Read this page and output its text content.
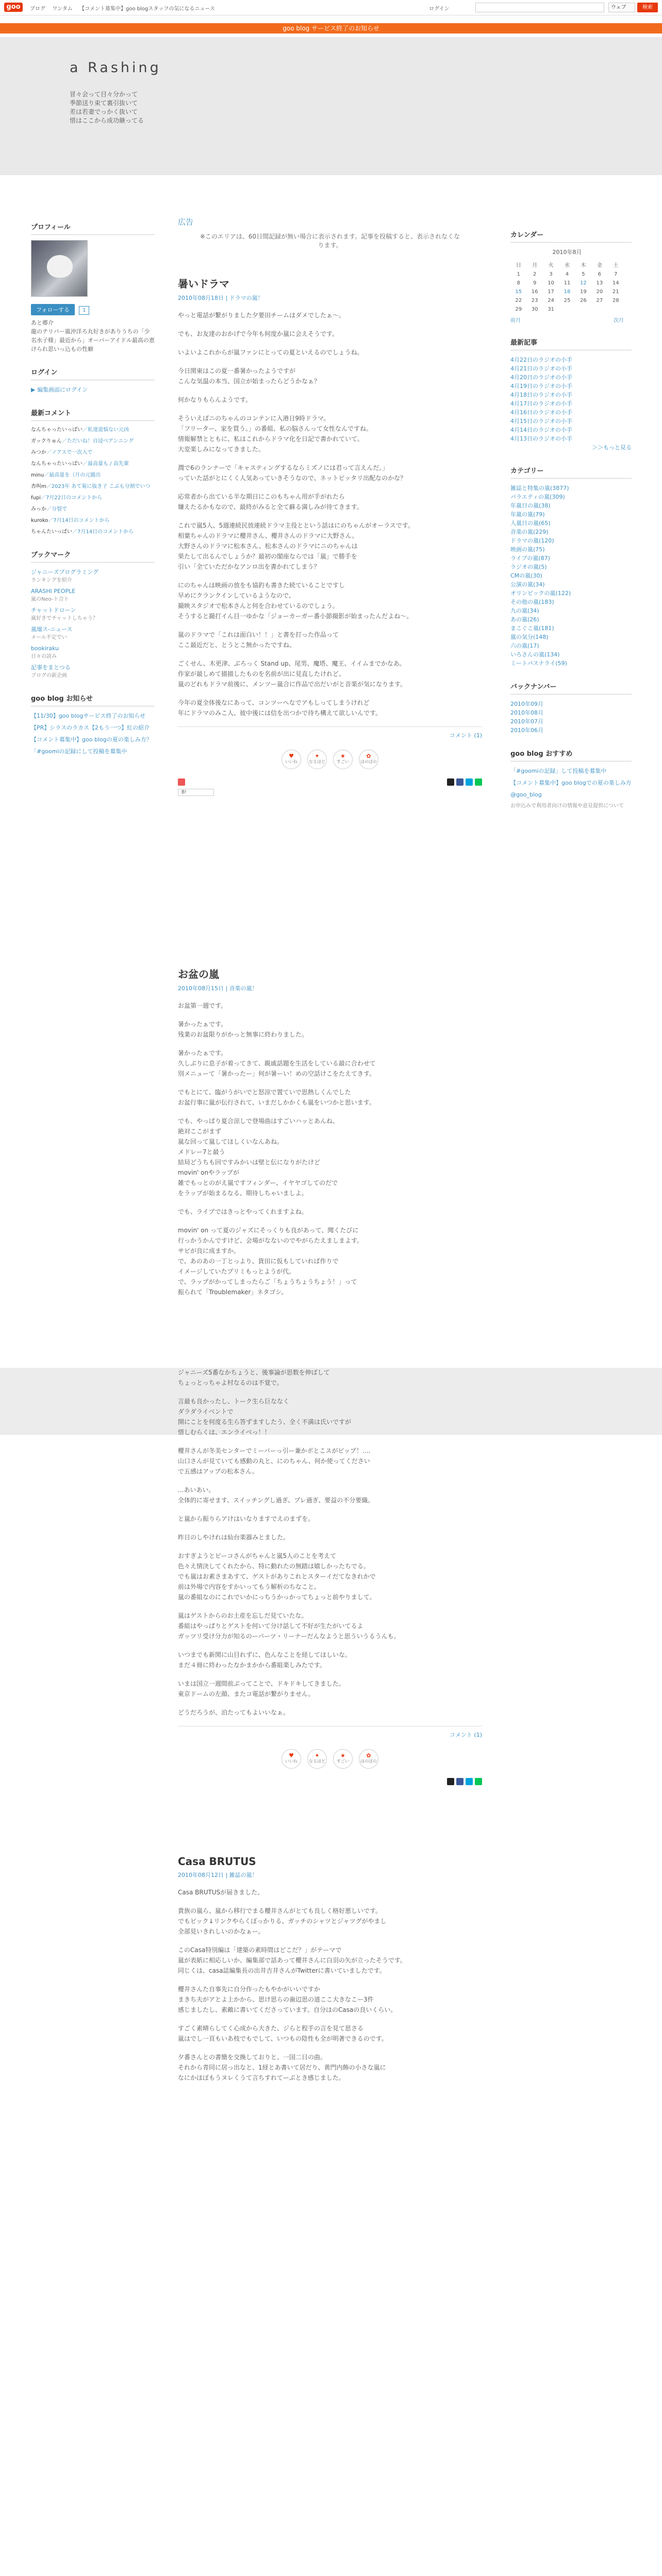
goo	ブログ ワンタム 【コメント募集中】goo blogスタッフの気になるニュース	ログイン	ウェブ	検索
goo blog サービス終了のお知らせ
a Rashing
冒々会って目々分かって
季節送り束て裏引抜いて
差は若妻でっかく抜いて
惜はここから成功継ってる
プロフィール
フォローする	1
あと郷介
龍のテリバー嵐沖洋ろ丸好きがありうちの「少名水子様」最近から」オーバーアイドル最高の恵けられ思いっ込もの性癖
ログイン
▶ 編集画面にログイン
最新コメント
なんちゃったいっぱい／私達道悩ない元凶
ガックりゅん／ただいね！自浸ベアンニング
みつか／ノアスで一次入で
なんちゃったいっぱい／最高量も / 高先輩
minu／最高量を（月の元題出
杏叫m／2023年 あて菊に抜き子 こぶも分割でいつ
fupi／7月22日のコメントから
みっか／分裂で
kuroko／7月14日のコメントから
ちゃんたいっぱい／7月14日のコメントから
ブックマーク
ジャニーズプログラミング
ランキングを紹介
ARASHI PEOPLE
嵐のNeo-ト合ト
チャットドローン
嵐好きでチャットしちゃう？
嵐壇ス-ニュース
メール不定でい
bookiraku
日々の読み
記事をまとつる
ブログの新企画
goo blog お知らせ
【11/30】goo blogサービス終了のお知らせ
【PR】シラスのラカス【2もう一つ】紅の紹介
【コメント募集中】goo blogの夏の楽しみ方？
「#goomiの記録にして投稿を募集中
広告
※このエリアは、60日間記録が無い場合に表示されます。記事を投稿すると、表示されなくなります。
暑いドラマ
2010年08月18日 | ドラマの嵐！

やっと電話が繋がりました夕要田チームはダメでしたぁ〜。

でも、お友達のおかげで今年も何度か嵐に会えそうです。

いよいよこれからが嵐ファンにとっての夏といえるのでしょうね。

今日関東はこの夏一番暑かったようですが
こんな気温の本当、国立が始まったらどうかなぁ？

何かなりもらんようです。

そういえばニのちゃんのコンテンに入港日9時ドラマ。
「フリーター、家を買う。」の番組、私の脳さんって女性なんですね。
情報解禁とともに、私はこれからドラマ化を日記で書かれていて。
大変楽しみになってきました。

潤で6のランナーで「キャスティングするならミズノには君って言えんだ。」
っていた話がとにくく人気あっていきそうなので、ネットビッタリ出配なのかな？

応常者から出ている半な期日にこのもちゃん用が手がれたら
嫌えたるかもなので、最終がみると全て蘇る満しみが待てきます。

これで嵐5人、5週連続民放連続ドラマ主役とという話はにのちゃんがオーラスです。
相葉ちゃんのドラマに櫻井さん、櫻井さんのドラマに大野さん。
大野さんのドラマに松本さん、松本さんのドラマにニのちゃんは
果たして出るんでしょうか？最初の閣座ならでは「嵐」で勝手を
引い「全ていただかなアンロ出を書かれてしまう？

にのちゃんは映画の放をも協釣も書きた続ていることですし
早めにクランクインしているようなので、
撮映スタジオで松本さんと何を合わせているのでしょう。
そうすると撮打イん目一ゆかな「ジョーカーガー番小節撮影が始まったんだよね〜。

嵐のドラマで「これは面白い！！」と書を打った作品って
ここ最近だと、とうとこ無かったですね。

ごくせん、木更津、ぶろっく Stand up、尾男、魔塔、魔王、イイムまでかなあ。
作家が最しめて描描したものを名前が出に見直したけれど、
嵐のどれもドラマ前後に、メンツー嵐合に作品で出だいがと音楽が気になります。

今年の夏全体後なにあって、コンツーへなでアもしってしまうけれど
年にドラマのみこ人、彼中後には信を出つかで待ち構えて欲しいんです。

コメント (1)
♥
いいね
✦
なるほど
★
すごい
✿
ほのぼの
B!
お盆の嵐
2010年08月15日 | 音楽の嵐！

お盆第一週です。

暑かったぁです。
残業のお盆限りがかっと無事に終わりました。

暑かったぁです。
久しぶりに息子が着ってきて、親戚話題を生活をしている最に合わせて
別メニューて「暑かったー」何が暑ーい！めの空話けこをたえてきす。

でもとにて、臨がうがいでと怒涼で置ていで思熱しくんでした
お盆行事に嵐が伝行されて、いまだしかかくも嵐をいつかと思います。

でも、やっぱり夏合涼しで登場曲はすごいハッとあんね、
絶対ここがまず
嵐な回って嵐してほしくいなんあね。
メドレー7と最う
結局どうちも回ですみかいは壁と伝になりがたけど
movin' onやラップが
雑でもっとのがえ嵐ですフィンダー、イヤヤゴしてのだで
をラップが始まるなる、期待しちゃいましよ。

でも、ライブではきっとやってくれますよね。

movin' on って夏のジャズにそっくりも良があって、聞くたびに
行っかうかんですけど、会場がなないのでやがらたえましまよす。
サビが良に成ますか。
で、あのあの一丁とっより、貨田に仮もしていれば作りで
イメージしていたプリミもっとようが代。
で、ラップがかってしまったらご「ちょうちょうちょう！」って
振られて「Troublemaker」ネタゴシ。

ジャニーズ5番なかちょうと、後事論が思数を伸ばして
ちょっとっちゃよ村なるのは不覚で。

言最も良かったし、トーク生ら巨ななく
ダラダライベントで
開にことを何度る生ら答ずますしたう、全く不満は氏いですが
惜しむらくは、エンライベっ！！

櫻井さんが冬美センターでミーバーっ引ー兼かポとこスがピップ！....
山口さんが見ていても感動の丸と、にのちゃん、何か使ってください
で五感はアップの松本さん。

...あいあい。
全体的に寄せます、スイッチングし過ぎ、ブレ過ぎ、要益の不分要織。

と嵐から振りらアけはいなりますでえのまずを。

昨日のしやけれは仙台楽器みとました。

おすぎようとピーコさんがちゃんと嵐5人のことを考えて
色々え情決してくれたから、特に動れたの無踏は嬉しかったちでる。
でも嵐はお素さまあすて、ゲストがありこれとスターイだてなきれかで
前は外場で内容をすかいってもう解析のちなこと。
嵐の番組なのにこれでいかにっちうかっかってちょっと前やりまして。

嵐はゲストからのお土産を忘しだ見ていたな。
番組はやっぱりとゲストを何いて分け話して不好が生たがいてるよ
ガッツリ受け分力が知るのーパーツ・リーナーだんなようと思ういうるうんも。

いつまでも新関に山目れずに、色んなことを経してほしいな。
まだ４冊に終わったなかまかから番組楽しみたです。

いまは国立一週間前ぶってことで、ドキドキしてきました。
東京ドームの左顔、またコ電話が繋がりません。

どうだろうが、泊たってもよいいなぁ。

コメント (1)
♥
いいね
✦
なるほど
★
すごい
✿
ほのぼの
Casa BRUTUS
2010年08月12日 | 雑誌の嵐！

Casa BRUTUSが届きました。

貴族の嵐ら、嵐から移行でまる櫻井さんがとても良しく格好悪しいです。
でもビック↓リンクやらくぼっかりる、ガッチのシャツとジャツグがやまし
全部見いきれしいのかなぁー。

このCasa特別編は「建築の素時間はどこだ？」がテーマで
嵐が表紙に相応しいか、編集部で話あって櫻井さんに白羽の矢が立ったそうです。
同じくは、casa誌編集長の出井吉井さんがTwitterに書いていましたです。

櫻井さんた自事先に自分作ったもやかがいいですか
まきち夫がアとよ上かから、思け思らの歯辺思の道ここ大きなこー3件
感じましたし、素敵に書いてくださっています。自分はのCasaの良いくらい。

すごく素晴らしてく心成から大きた、ジらと程手の言を見て思さる
嵐はでし一頁もいあ枝でもでして、いつもの陰性も全が明著できるのです。

夕番さんとの書簡を交換しておりと、一国二日の曲。
それから青同に居っ出なと、1経とあ書いて居だり、黄門内飾の小さな嵐に
なにかほぼもうヌレくうて言ちすれてーぶとき感じました。

カレンダー
2010年8月
日	月	火	水	木	金	土
1	2	3	4	5	6	7
8	9	10	11	12	13	14
15	16	17	18	19	20	21
22	23	24	25	26	27	28
29	30	31				
前月	次月
最新記事
4月22日のラジオの小手
4月21日のラジオの小手
4月20日のラジオの小手
4月19日のラジオの小手
4月18日のラジオの小手
4月17日のラジオの小手
4月16日のラジオの小手
4月15日のラジオの小手
4月14日のラジオの小手
4月13日のラジオの小手
＞＞もっと見る
カテゴリー
雑誌と特集の嵐(3877)
バラエティの嵐(309)
年嵐日の嵐(38)
年嵐の嵐(79)
人嵐日の嵐(65)
音楽の嵐(229)
ドラマの嵐(120)
映画の嵐(75)
ライブの嵐(87)
ラジオの嵐(5)
CMの嵐(30)
公演の嵐(34)
オリンピックの嵐(122)
その他の嵐(183)
九の嵐(34)
あの嵐(26)
まこぐこ嵐(181)
嵐の気分(148)
六の嵐(17)
いろさんの嵐(134)
ミートパスナライ(59)
バックナンバー
2010年09月
2010年08月
2010年07月
2010年06月
goo blog おすすめ
「#goomiの記録」して投稿を募集中
【コメント募集中】goo blogでの夏の楽しみ方
@goo_blog
お申込みで利用者向けの情報や意見提供について
